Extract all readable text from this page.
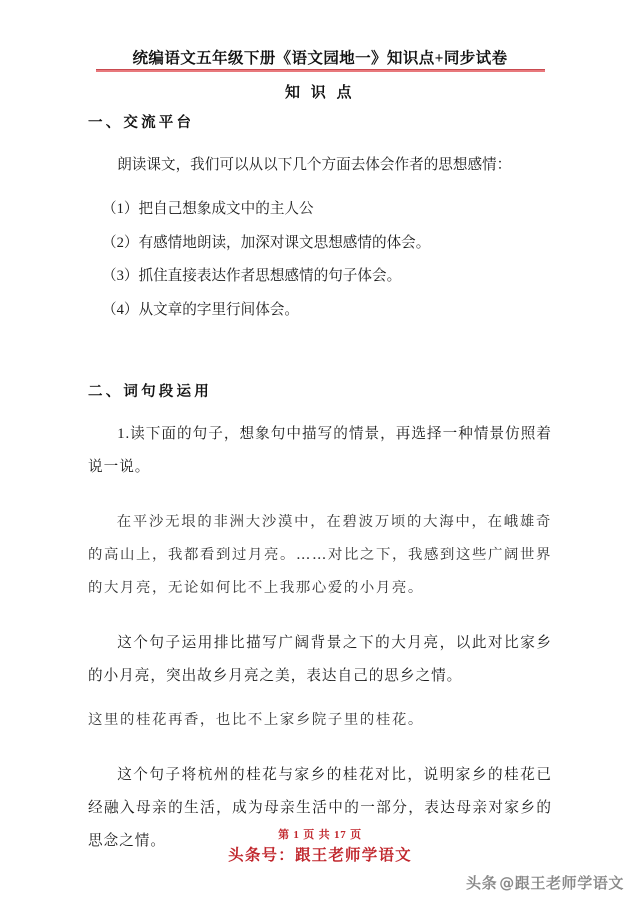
统编语文五年级下册《语文园地一》知识点+同步试卷
知 识 点

一、交流平台

朗读课文，我们可以从以下几个方面去体会作者的思想感情：

（1）把自己想象成文中的主人公

（2）有感情地朗读，加深对课文思想感情的体会。

（3）抓住直接表达作者思想感情的句子体会。

（4）从文章的字里行间体会。

二、词句段运用

1.读下面的句子，想象句中描写的情景，再选择一种情景仿照着说一说。

在平沙无垠的非洲大沙漠中，在碧波万顷的大海中，在峨雄奇的高山上，我都看到过月亮。……对比之下，我感到这些广阔世界的大月亮，无论如何比不上我那心爱的小月亮。

这个句子运用排比描写广阔背景之下的大月亮，以此对比家乡的小月亮，突出故乡月亮之美，表达自己的思乡之情。

这里的桂花再香，也比不上家乡院子里的桂花。

这个句子将杭州的桂花与家乡的桂花对比，说明家乡的桂花已经融入母亲的生活，成为母亲生活中的一部分，表达母亲对家乡的思念之情。	第 1 页 共 17 页
头条号：跟王老师学语文
头条 @跟王老师学语文
